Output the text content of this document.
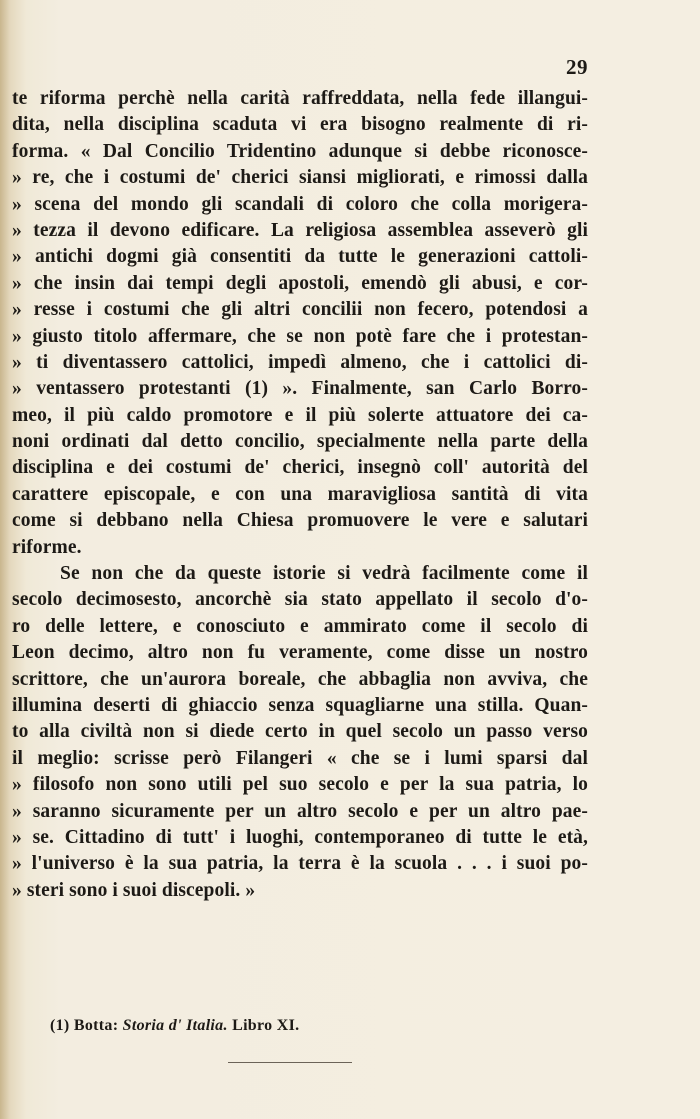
29
te riforma perchè nella carità raffreddata, nella fede illangui-
dita, nella disciplina scaduta vi era bisogno realmente di ri-
forma. « Dal Concilio Tridentino adunque si debbe riconosce-
» re, che i costumi de' cherici siansi migliorati, e rimossi dalla
» scena del mondo gli scandali di coloro che colla morigera-
» tezza il devono edificare. La religiosa assemblea asseverò gli
» antichi dogmi già consentiti da tutte le generazioni cattoli-
» che insin dai tempi degli apostoli, emendò gli abusi, e cor-
» resse i costumi che gli altri concilii non fecero, potendosi a
» giusto titolo affermare, che se non potè fare che i protestan-
» ti diventassero cattolici, impedì almeno, che i cattolici di-
» ventassero protestanti (1) ». Finalmente, san Carlo Borro-
meo, il più caldo promotore e il più solerte attuatore dei ca-
noni ordinati dal detto concilio, specialmente nella parte della
disciplina e dei costumi de' cherici, insegnò coll' autorità del
carattere episcopale, e con una maravigliosa santità di vita
come si debbano nella Chiesa promuovere le vere e salutari
riforme.
Se non che da queste istorie si vedrà facilmente come il
secolo decimosesto, ancorchè sia stato appellato il secolo d'o-
ro delle lettere, e conosciuto e ammirato come il secolo di
Leon decimo, altro non fu veramente, come disse un nostro
scrittore, che un'aurora boreale, che abbaglia non avviva, che
illumina deserti di ghiaccio senza squagliarne una stilla. Quan-
to alla civiltà non si diede certo in quel secolo un passo verso
il meglio: scrisse però Filangeri « che se i lumi sparsi dal
» filosofo non sono utili pel suo secolo e per la sua patria, lo
» saranno sicuramente per un altro secolo e per un altro pae-
» se. Cittadino di tutt' i luoghi, contemporaneo di tutte le età,
» l'universo è la sua patria, la terra è la scuola . . . i suoi po-
» steri sono i suoi discepoli. »
(1) Botta: Storia d' Italia. Libro XI.
